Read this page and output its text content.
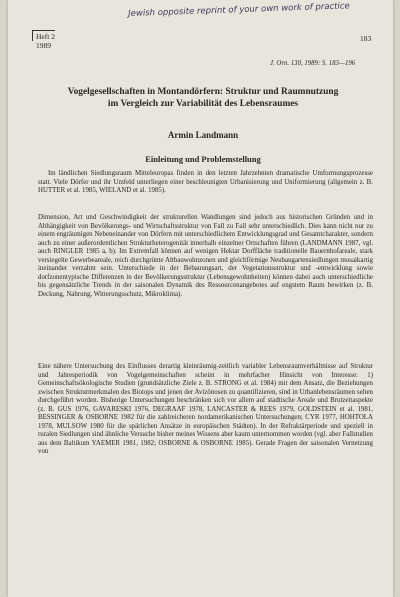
Jewish opposite reprint of your own work of practice
Heft 2
1989
183
J. Orn. 130, 1989: S. 183—196
Vogelgesellschaften in Montandörfern: Struktur und Raumnutzung
im Vergleich zur Variabilität des Lebensraumes
Armin Landmann
Einleitung und Problemstellung
Im ländlichen Siedlungsraum Mitteleuropas finden in den letzten Jahrzehnten dramatische Umformungsprozesse statt. Viele Dörfer und ihr Umfeld unterliegen einer beschleunigten Urbanisierung und Uniformierung (allgemein z. B. HUTTER et al. 1985, WIELAND et al. 1985).
Dimension, Art und Geschwindigkeit der strukturellen Wandlungen sind jedoch aus historischen Gründen und in Abhängigkeit von Bevölkerungs- und Wirtschaftsstruktur von Fall zu Fall sehr unterschiedlich. Dies kann nicht nur zu einem engräumigen Nebeneinander von Dörfern mit unterschiedlichem Entwicklungsgrad und Gesamtcharakter, sondern auch zu einer außerordentlichen Strukturheterogenität innerhalb einzelner Ortschaften führen (LANDMANN 1987, vgl. auch RINGLER 1985 a, b). Im Extremfall können auf wenigen Hektar Dorffläche traditionelle Bauernhofareale, stark versiegelte Gewerbeareale, reich durchgrünte Altbauwohnzonen und gleichförmige Neubaugartensiedlungen mosaikartig ineinander verzahnt sein. Unterschiede in der Bebauungsart, der Vegetationsstruktur und -entwicklung sowie dorfzonentypische Differenzen in der Bevölkerungsstruktur (Lebensgewohnheiten) können dabei auch unterschiedliche bis gegensätzliche Trends in der saisonalen Dynamik des Ressourcenangebotes auf engstem Raum bewirken (z. B. Deckung, Nahrung, Witterungsschutz, Mikroklima).
Eine nähere Untersuchung des Einflusses derartig kleinräumig-zeitlich variabler Lebensraumverhältnisse auf Struktur und Jahresperiodik von Vogelgemeinschaften scheint in mehrfacher Hinsicht von Interesse: 1) Gemeinschaftsökologische Studien (grundsätzliche Ziele z. B. STRONG et al. 1984) mit dem Ansatz, die Beziehungen zwischen Strukturmerkmalen des Biotops und jenen der Avizönosen zu quantifizieren, sind in Urbanlebensräumen selten durchgeführt worden. Bisherige Untersuchungen beschränken sich vor allem auf stadtische Areale und Brutzeitaspekte (z. B. GUS 1976, GAVARESKI 1976, DEGRAAF 1978, LANCASTER & REES 1979, GOLDSTEIN et al. 1981, BESSINGER & OSBORNE 1982 für die zahlreicheren nordamerikanischen Untersuchungen; CYR 1977, HOHTOLA 1978, MULSOW 1980 für die spärlichen Ansätze in europäischen Städten). In der Refraktärperiode und speziell in ruralen Siedlungen sind ähnliche Versuche bisher meines Wissens aber kaum unternommen worden (vgl. aber Fallstudien aus dem Baltikum YAEMER 1981, 1982; OSBORNE & OSBORNE 1985). Gerade Fragen der saisonalen Vernetzung von
